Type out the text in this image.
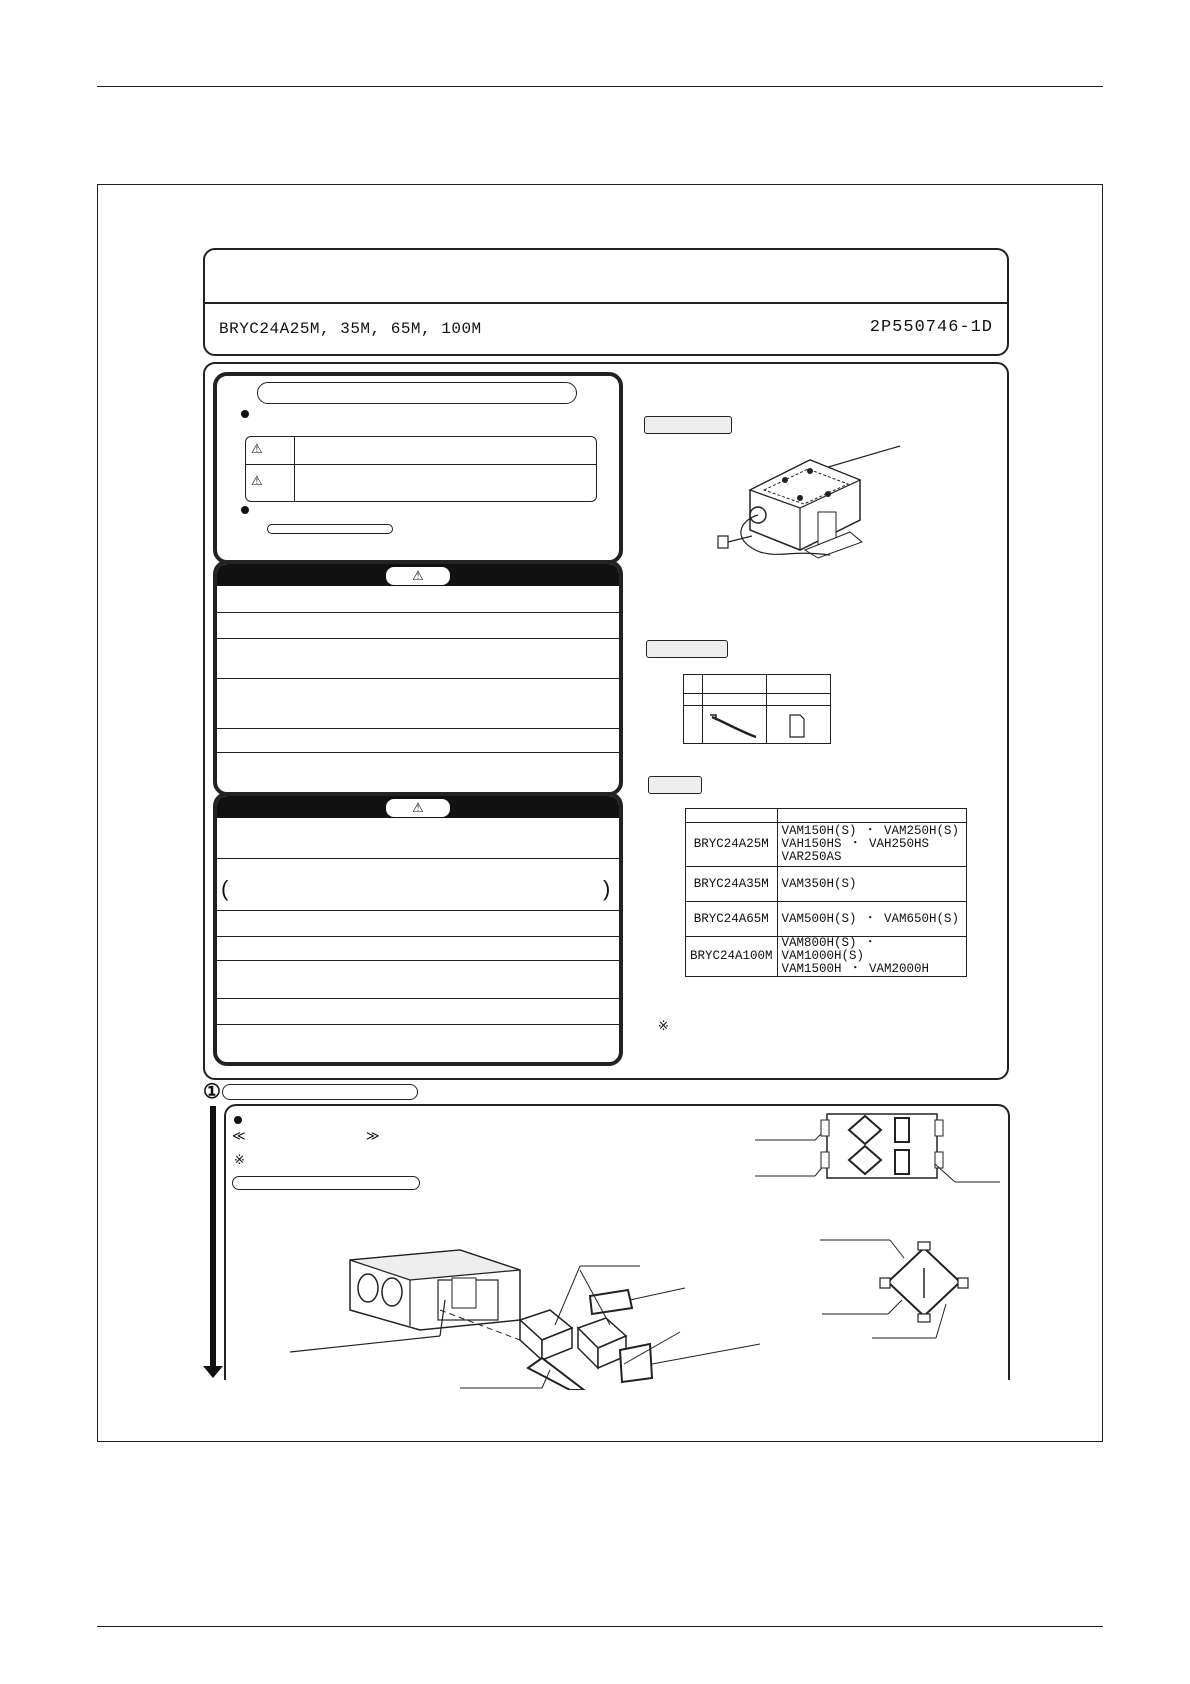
BRYC24A25M, 35M, 65M, 100M	2P550746-1D
⚠
⚠
⚠
⚠
(	)

BRYC24A25M	VAM150H(S) ・ VAM250H(S)
VAH150HS ・ VAH250HS
VAR250AS

BRYC24A35M	VAM350H(S)
BRYC24A65M	VAM500H(S) ・ VAM650H(S)
BRYC24A100M	VAM800H(S) ・ VAM1000H(S)
VAM1500H ・ VAM2000H
※
①
≪	≫
※
